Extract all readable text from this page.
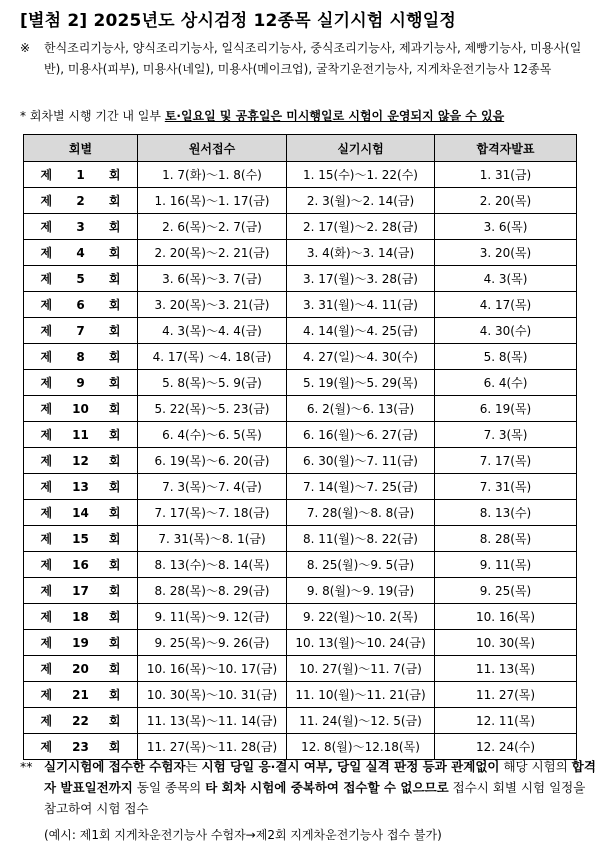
[별첨 2] 2025년도 상시검정 12종목 실기시험 시행일정
※ 한식조리기능사, 양식조리기능사, 일식조리기능사, 중식조리기능사, 제과기능사, 제빵기능사, 미용사(일반), 미용사(피부), 미용사(네일), 미용사(메이크업), 굴착기운전기능사, 지게차운전기능사 12종목
* 회차별 시행 기간 내 일부 토·일요일 및 공휴일은 미시행일로 시험이 운영되지 않을 수 있음
회별	원서접수	실기시험	합격자발표
제 1 회	1. 7(화)～1. 8(수)	1. 15(수)～1. 22(수)	1. 31(금)
제 2 회	1. 16(목)～1. 17(금)	2. 3(월)～2. 14(금)	2. 20(목)
제 3 회	2. 6(목)～2. 7(금)	2. 17(월)～2. 28(금)	3. 6(목)
제 4 회	2. 20(목)～2. 21(금)	3. 4(화)～3. 14(금)	3. 20(목)
제 5 회	3. 6(목)～3. 7(금)	3. 17(월)～3. 28(금)	4. 3(목)
제 6 회	3. 20(목)～3. 21(금)	3. 31(월)～4. 11(금)	4. 17(목)
제 7 회	4. 3(목)～4. 4(금)	4. 14(월)～4. 25(금)	4. 30(수)
제 8 회	4. 17(목) ～4. 18(금)	4. 27(일)～4. 30(수)	5. 8(목)
제 9 회	5. 8(목)～5. 9(금)	5. 19(월)～5. 29(목)	6. 4(수)
제 10 회	5. 22(목)～5. 23(금)	6. 2(월)～6. 13(금)	6. 19(목)
제 11 회	6. 4(수)～6. 5(목)	6. 16(월)～6. 27(금)	7. 3(목)
제 12 회	6. 19(목)～6. 20(금)	6. 30(월)～7. 11(금)	7. 17(목)
제 13 회	7. 3(목)～7. 4(금)	7. 14(월)～7. 25(금)	7. 31(목)
제 14 회	7. 17(목)～7. 18(금)	7. 28(월)～8. 8(금)	8. 13(수)
제 15 회	7. 31(목)～8. 1(금)	8. 11(월)～8. 22(금)	8. 28(목)
제 16 회	8. 13(수)～8. 14(목)	8. 25(월)～9. 5(금)	9. 11(목)
제 17 회	8. 28(목)～8. 29(금)	9. 8(월)～9. 19(금)	9. 25(목)
제 18 회	9. 11(목)～9. 12(금)	9. 22(월)～10. 2(목)	10. 16(목)
제 19 회	9. 25(목)～9. 26(금)	10. 13(월)～10. 24(금)	10. 30(목)
제 20 회	10. 16(목)～10. 17(금)	10. 27(월)～11. 7(금)	11. 13(목)
제 21 회	10. 30(목)～10. 31(금)	11. 10(월)～11. 21(금)	11. 27(목)
제 22 회	11. 13(목)～11. 14(금)	11. 24(월)～12. 5(금)	12. 11(목)
제 23 회	11. 27(목)～11. 28(금)	12. 8(월)～12.18(목)	12. 24(수)
** 실기시험에 접수한 수험자는 시험 당일 응·결시 여부, 당일 실격 판정 등과 관계없이 해당 시험의 합격자 발표일전까지 동일 종목의 타 회차 시험에 중복하여 접수할 수 없으므로 접수시 회별 시험 일정을 참고하여 시험 접수
(예시: 제1회 지게차운전기능사 수험자→제2회 지게차운전기능사 접수 불가)
